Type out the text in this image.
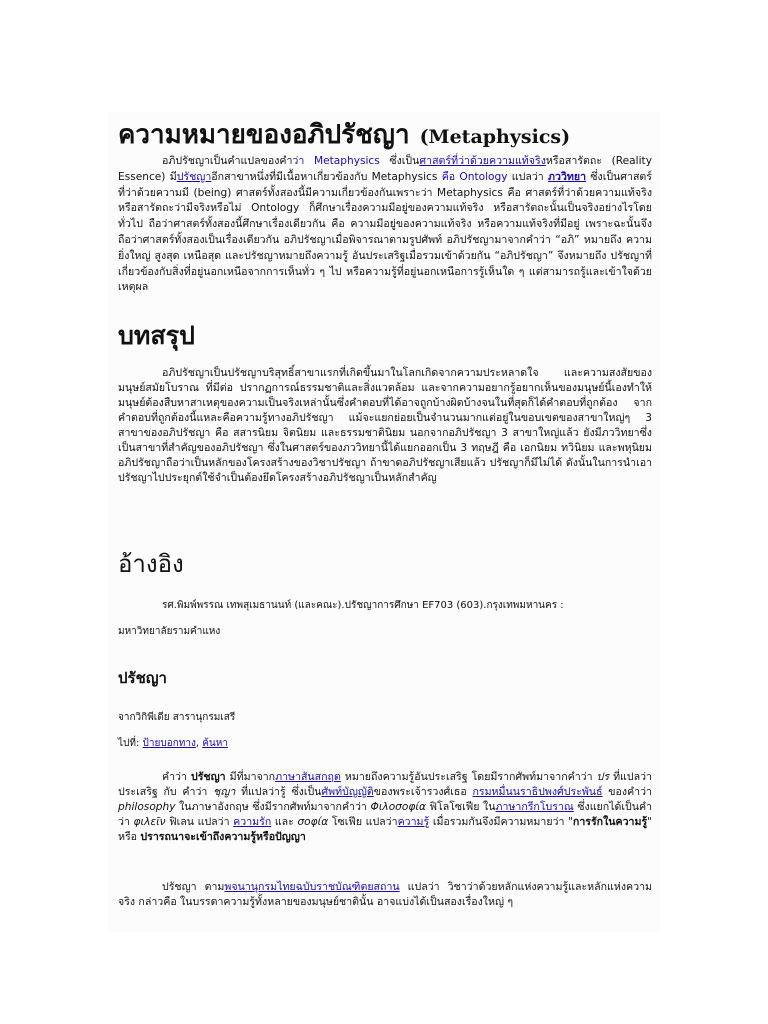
ความหมายของอภิปรัชญา (Metaphysics)
อภิปรัชญาเป็นคำแปลของคำว่า Metaphysics ซึ่งเป็นศาสตร์ที่ว่าด้วยความแท้จริงหรือสารัตถะ (Reality Essence) มีปรัชญาอีกสาขาหนึ่งที่มีเนื้อหาเกี่ยวข้องกับ Metaphysics คือ Ontology แปลว่า ภววิทยา ซึ่งเป็นศาสตร์ที่ว่าด้วยความมี (being) ศาสตร์ทั้งสองนี้มีความเกี่ยวข้องกันเพราะว่า Metaphysics คือ ศาสตร์ที่ว่าด้วยความแท้จริงหรือสารัตถะว่ามีจริงหรือไม่ Ontology ก็ศึกษาเรื่องความมีอยู่ของความแท้จริง หรือสารัตถะนั้นเป็นจริงอย่างไรโดยทั่วไป ถือว่าศาสตร์ทั้งสองนี้ศึกษาเรื่องเดียวกัน คือ ความมีอยู่ของความแท้จริง หรือความแท้จริงที่มีอยู่ เพราะฉะนั้นจึงถือว่าศาสตร์ทั้งสองเป็นเรื่องเดียวกัน อภิปรัชญาเมื่อพิจารณาตามรูปศัพท์ อภิปรัชญามาจากคำว่า “อภิ” หมายถึง ความยิ่งใหญ่ สูงสุด เหนือสุด และปรัชญาหมายถึงความรู้ อันประเสริฐเมื่อรวมเข้าด้วยกัน “อภิปรัชญา” จึงหมายถึง ปรัชญาที่เกี่ยวข้องกับสิ่งที่อยู่นอกเหนือจากการเห็นทั่ว ๆ ไป หรือความรู้ที่อยู่นอกเหนือการรู้เห็นใด ๆ แต่สามารถรู้และเข้าใจด้วยเหตุผล
บทสรุป
อภิปรัชญาเป็นปรัชญาบริสุทธิ์สาขาแรกที่เกิดขึ้นมาในโลกเกิดจากความประหลาดใจ และความสงสัยของมนุษย์สมัยโบราณ ที่มีต่อ ปรากฏการณ์ธรรมชาติและสิ่งแวดล้อม และจากความอยากรู้อยากเห็นของมนุษย์นี้เองทำให้มนุษย์ต้องสืบหาสาเหตุของความเป็นจริงเหล่านั้นซึ่งคำตอบที่ได้อาจถูกบ้างผิดบ้างจนในที่สุดก็ได้คำตอบที่ถูกต้อง จากคำตอบที่ถูกต้องนี้แหละคือความรู้ทางอภิปรัชญา แม้จะแยกย่อยเป็นจำนวนมากแต่อยู่ในขอบเขตของสาขาใหญ่ๆ 3 สาขาของอภิปรัชญา คือ สสารนิยม จิตนิยม และธรรมชาตินิยม นอกจากอภิปรัชญา 3 สาขาใหญ่แล้ว ยังมีภววิทยาซึ่งเป็นสาขาที่สำคัญของอภิปรัชญา ซึ่งในศาสตร์ของภววิทยานี้ได้แยกออกเป็น 3 ทฤษฎี คือ เอกนิยม ทวินิยม และพหุนิยม อภิปรัชญาถือว่าเป็นหลักของโครงสร้างของวิชาปรัชญา ถ้าขาดอภิปรัชญาเสียแล้ว ปรัชญาก็มีไม่ได้ ดังนั้นในการนำเอาปรัชญาไปประยุกต์ใช้จำเป็นต้องยึดโครงสร้างอภิปรัชญาเป็นหลักสำคัญ
อ้างอิง
รศ.พิมพ์พรรณ เทพสุเมธานนท์ (และคณะ).ปรัชญาการศึกษา EF703 (603).กรุงเทพมหานคร :
มหาวิทยาลัยรามคำแหง
ปรัชญา
จากวิกิพีเดีย สารานุกรมเสรี
ไปที่: ป้ายบอกทาง, ค้นหา
คำว่า ปรัชญา มีที่มาจากภาษาสันสกฤต หมายถึงความรู้อันประเสริฐ โดยมีรากศัพท์มาจากคำว่า ปร ที่แปลว่าประเสริฐ กับ คำว่า ชฺญา ที่แปลว่ารู้ ซึ่งเป็นศัพท์บัญญัติของพระเจ้ารวงศ์เธอ กรมหมื่นนราธิปพงศ์ประพันธ์ ของคำว่า philosophy ในภาษาอังกฤษ ซึ่งมีรากศัพท์มาจากคำว่า Φιλοσοφία ฟิโลโซเฟีย ในภาษากรีกโบราณ ซึ่งแยกได้เป็นคำว่า φιλεῖν ฟิเลน แปลว่า ความรัก และ σοφία โซเฟีย แปลว่าความรู้ เมื่อรวมกันจึงมีความหมายว่า "การรักในความรู้" หรือ ปรารถนาจะเข้าถึงความรู้หรือปัญญา
ปรัชญา ตามพจนานุกรมไทยฉบับราชบัณฑิตยสถาน แปลว่า วิชาว่าด้วยหลักแห่งความรู้และหลักแห่งความจริง กล่าวคือ ในบรรดาความรู้ทั้งหลายของมนุษย์ชาตินั้น อาจแบ่งได้เป็นสองเรื่องใหญ่ ๆ
